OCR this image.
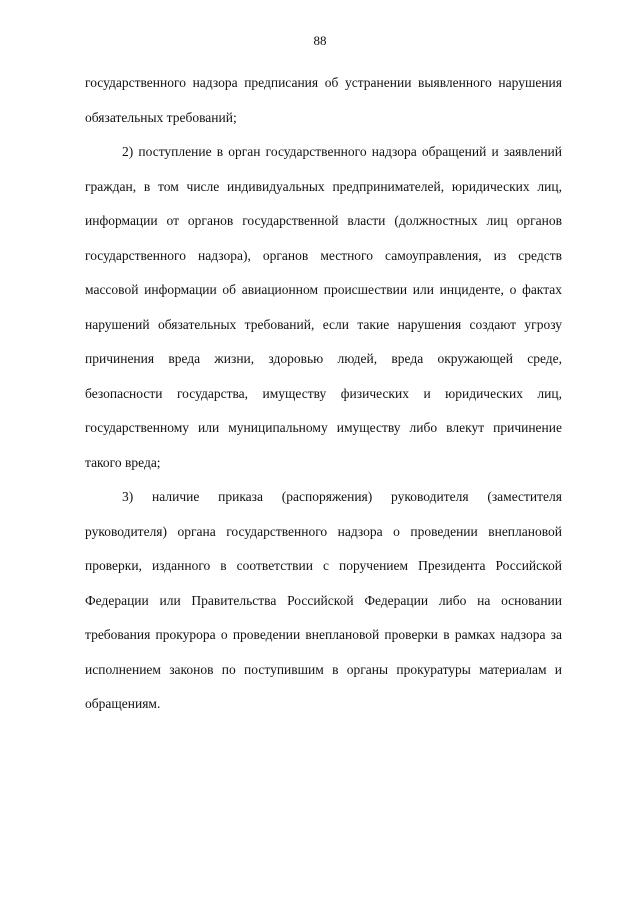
88

государственного надзора предписания об устранении выявленного нарушения обязательных требований;

2) поступление в орган государственного надзора обращений и заявлений граждан, в том числе индивидуальных предпринимателей, юридических лиц, информации от органов государственной власти (должностных лиц органов государственного надзора), органов местного самоуправления, из средств массовой информации об авиационном происшествии или инциденте, о фактах нарушений обязательных требований, если такие нарушения создают угрозу причинения вреда жизни, здоровью людей, вреда окружающей среде, безопасности государства, имуществу физических и юридических лиц, государственному или муниципальному имуществу либо влекут причинение такого вреда;

3) наличие приказа (распоряжения) руководителя (заместителя руководителя) органа государственного надзора о проведении внеплановой проверки, изданного в соответствии с поручением Президента Российской Федерации или Правительства Российской Федерации либо на основании требования прокурора о проведении внеплановой проверки в рамках надзора за исполнением законов по поступившим в органы прокуратуры материалам и обращениям.
